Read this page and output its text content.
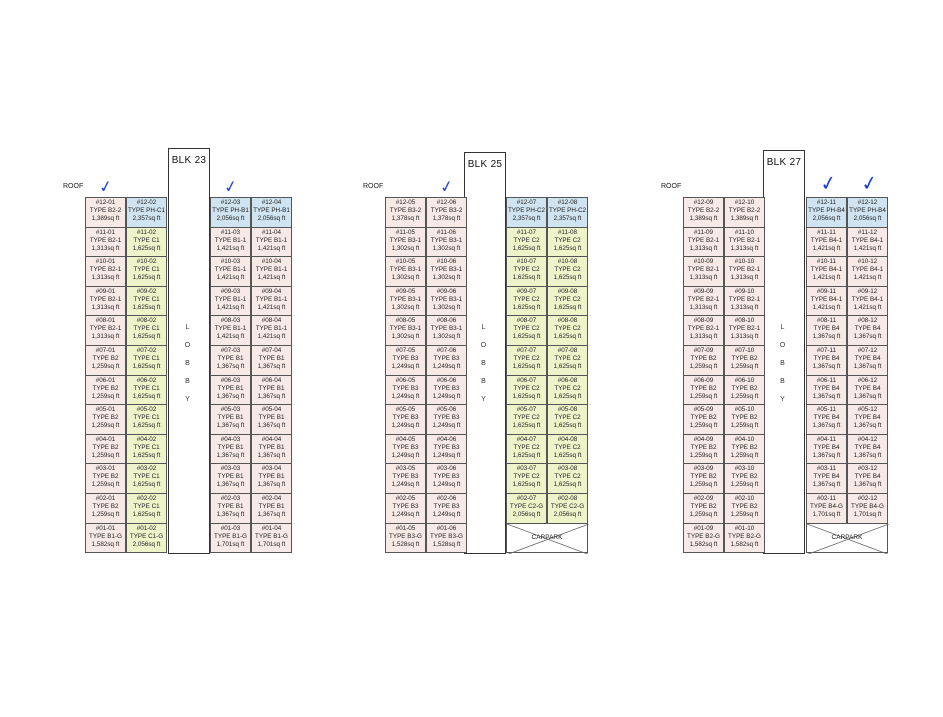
BLK 23
L O B B Y
ROOF
#12-01
TYPE B2-2
1,389sq ft
#11-01
TYPE B2-1
1,313sq ft
#10-01
TYPE B2-1
1,313sq ft
#09-01
TYPE B2-1
1,313sq ft
#08-01
TYPE B2-1
1,313sq ft
#07-01
TYPE B2
1,259sq ft
#06-01
TYPE B2
1,259sq ft
#05-01
TYPE B2
1,259sq ft
#04-01
TYPE B2
1,259sq ft
#03-01
TYPE B2
1,259sq ft
#02-01
TYPE B2
1,259sq ft
#01-01
TYPE B1-G
1,582sq ft
#12-02
TYPE PH-C1
2,357sq ft
#11-02
TYPE C1
1,625sq ft
#10-02
TYPE C1
1,625sq ft
#09-02
TYPE C1
1,625sq ft
#08-02
TYPE C1
1,625sq ft
#07-02
TYPE C1
1,625sq ft
#06-02
TYPE C1
1,625sq ft
#05-02
TYPE C1
1,625sq ft
#04-02
TYPE C1
1,625sq ft
#03-02
TYPE C1
1,625sq ft
#02-02
TYPE C1
1,625sq ft
#01-02
TYPE C1-G
2,056sq ft
#12-03
TYPE PH-B1
2,056sq ft
#11-03
TYPE B1-1
1,421sq ft
#10-03
TYPE B1-1
1,421sq ft
#09-03
TYPE B1-1
1,421sq ft
#08-03
TYPE B1-1
1,421sq ft
#07-03
TYPE B1
1,367sq ft
#06-03
TYPE B1
1,367sq ft
#05-03
TYPE B1
1,367sq ft
#04-03
TYPE B1
1,367sq ft
#03-03
TYPE B1
1,367sq ft
#02-03
TYPE B1
1,367sq ft
#01-03
TYPE B1-G
1,701sq ft
#12-04
TYPE PH-B1
2,056sq ft
#11-04
TYPE B1-1
1,421sq ft
#10-04
TYPE B1-1
1,421sq ft
#09-04
TYPE B1-1
1,421sq ft
#08-04
TYPE B1-1
1,421sq ft
#07-04
TYPE B1
1,367sq ft
#06-04
TYPE B1
1,367sq ft
#05-04
TYPE B1
1,367sq ft
#04-04
TYPE B1
1,367sq ft
#03-04
TYPE B1
1,367sq ft
#02-04
TYPE B1
1,367sq ft
#01-04
TYPE B1-G
1,701sq ft
✓	✓
BLK 25
L O B B Y
ROOF
#12-05
TYPE B3-2
1,378sq ft
#11-05
TYPE B3-1
1,302sq ft
#10-05
TYPE B3-1
1,302sq ft
#09-05
TYPE B3-1
1,302sq ft
#08-05
TYPE B3-1
1,302sq ft
#07-05
TYPE B3
1,249sq ft
#06-05
TYPE B3
1,249sq ft
#05-05
TYPE B3
1,249sq ft
#04-05
TYPE B3
1,249sq ft
#03-05
TYPE B3
1,249sq ft
#02-05
TYPE B3
1,249sq ft
#01-05
TYPE B3-G
1,528sq ft
#12-06
TYPE B3-2
1,378sq ft
#11-06
TYPE B3-1
1,302sq ft
#10-06
TYPE B3-1
1,302sq ft
#09-06
TYPE B3-1
1,302sq ft
#08-06
TYPE B3-1
1,302sq ft
#07-06
TYPE B3
1,249sq ft
#06-06
TYPE B3
1,249sq ft
#05-06
TYPE B3
1,249sq ft
#04-06
TYPE B3
1,249sq ft
#03-06
TYPE B3
1,249sq ft
#02-06
TYPE B3
1,249sq ft
#01-06
TYPE B3-G
1,528sq ft
#12-07
TYPE PH-C2
2,357sq ft
#11-07
TYPE C2
1,625sq ft
#10-07
TYPE C2
1,625sq ft
#09-07
TYPE C2
1,625sq ft
#08-07
TYPE C2
1,625sq ft
#07-07
TYPE C2
1,625sq ft
#06-07
TYPE C2
1,625sq ft
#05-07
TYPE C2
1,625sq ft
#04-07
TYPE C2
1,625sq ft
#03-07
TYPE C2
1,625sq ft
#02-07
TYPE C2-G
2,056sq ft
#12-08
TYPE PH-C2
2,357sq ft
#11-08
TYPE C2
1,625sq ft
#10-08
TYPE C2
1,625sq ft
#09-08
TYPE C2
1,625sq ft
#08-08
TYPE C2
1,625sq ft
#07-08
TYPE C2
1,625sq ft
#06-08
TYPE C2
1,625sq ft
#05-08
TYPE C2
1,625sq ft
#04-08
TYPE C2
1,625sq ft
#03-08
TYPE C2
1,625sq ft
#02-08
TYPE C2-G
2,056sq ft
CARPARK
✓
BLK 27
L O B B Y
ROOF
#12-09
TYPE B2-2
1,389sq ft
#11-09
TYPE B2-1
1,313sq ft
#10-09
TYPE B2-1
1,313sq ft
#09-09
TYPE B2-1
1,313sq ft
#08-09
TYPE B2-1
1,313sq ft
#07-09
TYPE B2
1,259sq ft
#06-09
TYPE B2
1,259sq ft
#05-09
TYPE B2
1,259sq ft
#04-09
TYPE B2
1,259sq ft
#03-09
TYPE B2
1,259sq ft
#02-09
TYPE B2
1,259sq ft
#01-09
TYPE B2-G
1,582sq ft
#12-10
TYPE B2-2
1,389sq ft
#11-10
TYPE B2-1
1,313sq ft
#10-10
TYPE B2-1
1,313sq ft
#09-10
TYPE B2-1
1,313sq ft
#08-10
TYPE B2-1
1,313sq ft
#07-10
TYPE B2
1,259sq ft
#06-10
TYPE B2
1,259sq ft
#05-10
TYPE B2
1,259sq ft
#04-10
TYPE B2
1,259sq ft
#03-10
TYPE B2
1,259sq ft
#02-10
TYPE B2
1,259sq ft
#01-10
TYPE B2-G
1,582sq ft
#12-11
TYPE PH-B4
2,056sq ft
#11-11
TYPE B4-1
1,421sq ft
#10-11
TYPE B4-1
1,421sq ft
#09-11
TYPE B4-1
1,421sq ft
#08-11
TYPE B4
1,367sq ft
#07-11
TYPE B4
1,367sq ft
#06-11
TYPE B4
1,367sq ft
#05-11
TYPE B4
1,367sq ft
#04-11
TYPE B4
1,367sq ft
#03-11
TYPE B4
1,367sq ft
#02-11
TYPE B4-G
1,701sq ft
#12-12
TYPE PH-B4
2,056sq ft
#11-12
TYPE B4-1
1,421sq ft
#10-12
TYPE B4-1
1,421sq ft
#09-12
TYPE B4-1
1,421sq ft
#08-12
TYPE B4
1,367sq ft
#07-12
TYPE B4
1,367sq ft
#06-12
TYPE B4
1,367sq ft
#05-12
TYPE B4
1,367sq ft
#04-12
TYPE B4
1,367sq ft
#03-12
TYPE B4
1,367sq ft
#02-12
TYPE B4-G
1,701sq ft
CARPARK
✓ ✓
